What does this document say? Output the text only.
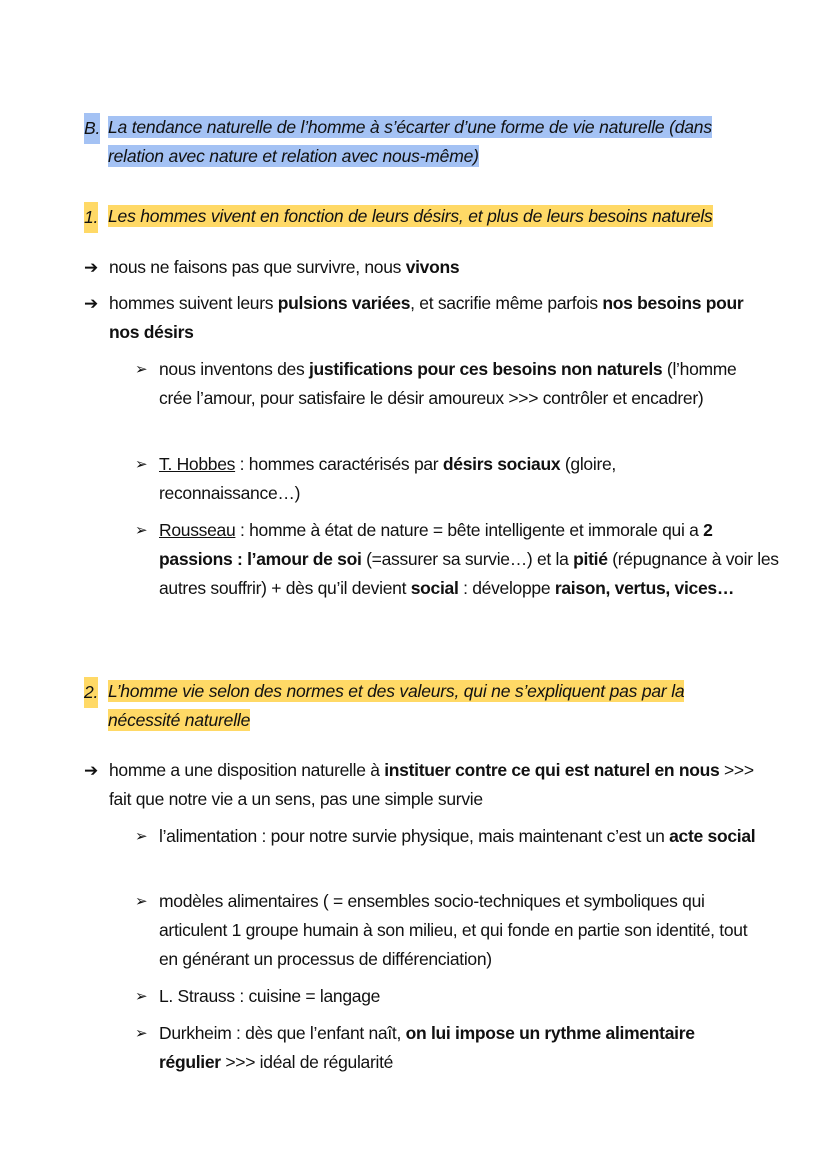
B. La tendance naturelle de l’homme à s’écarter d’une forme de vie naturelle (dans relation avec nature et relation avec nous-même)
1. Les hommes vivent en fonction de leurs désirs, et plus de leurs besoins naturels
➔ nous ne faisons pas que survivre, nous vivons
➔ hommes suivent leurs pulsions variées, et sacrifie même parfois nos besoins pour nos désirs
➢ nous inventons des justifications pour ces besoins non naturels (l’homme crée l’amour, pour satisfaire le désir amoureux >>> contrôler et encadrer)
➢ T. Hobbes : hommes caractérisés par désirs sociaux (gloire, reconnaissance…)
➢ Rousseau : homme à état de nature = bête intelligente et immorale qui a 2 passions : l’amour de soi (=assurer sa survie…) et la pitié (répugnance à voir les autres souffrir) + dès qu’il devient social : développe raison, vertus, vices…
2. L’homme vie selon des normes et des valeurs, qui ne s’expliquent pas par la nécessité naturelle
➔ homme a une disposition naturelle à instituer contre ce qui est naturel en nous >>> fait que notre vie a un sens, pas une simple survie
➢ l’alimentation : pour notre survie physique, mais maintenant c’est un acte social
➢ modèles alimentaires ( = ensembles socio-techniques et symboliques qui articulent 1 groupe humain à son milieu, et qui fonde en partie son identité, tout en générant un processus de différenciation)
➢ L. Strauss : cuisine = langage
➢ Durkheim : dès que l’enfant naît, on lui impose un rythme alimentaire régulier >>> idéal de régularité
